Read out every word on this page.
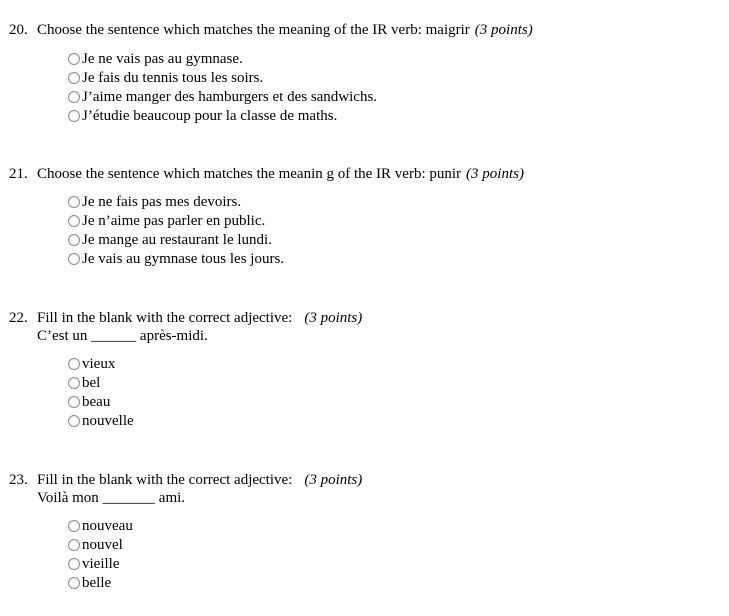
20. Choose the sentence which matches the meaning of the IR verb: maigrir (3 points)
Je ne vais pas au gymnase.
Je fais du tennis tous les soirs.
J’aime manger des hamburgers et des sandwichs.
J’étudie beaucoup pour la classe de maths.
21. Choose the sentence which matches the meanin g of the IR verb: punir (3 points)
Je ne fais pas mes devoirs.
Je n’aime pas parler en public.
Je mange au restaurant le lundi.
Je vais au gymnase tous les jours.
22. Fill in the blank with the correct adjective: (3 points)
C’est un ______ après-midi.
vieux
bel
beau
nouvelle
23. Fill in the blank with the correct adjective: (3 points)
Voilà mon _______ ami.
nouveau
nouvel
vieille
belle
